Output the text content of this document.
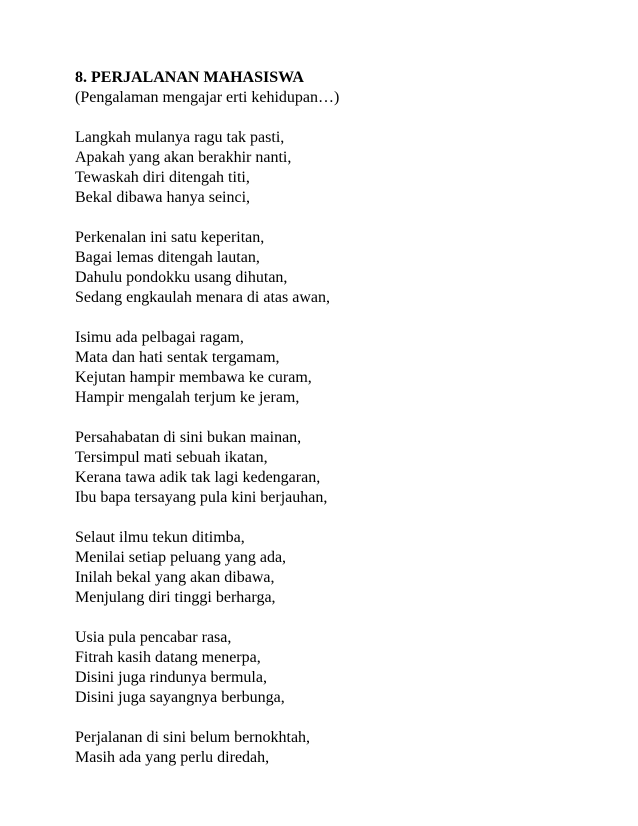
8. PERJALANAN MAHASISWA
(Pengalaman mengajar erti kehidupan…)
Langkah mulanya ragu tak pasti,
Apakah yang akan berakhir nanti,
Tewaskah diri ditengah titi,
Bekal dibawa hanya seinci,
Perkenalan ini satu keperitan,
Bagai lemas ditengah lautan,
Dahulu pondokku usang dihutan,
Sedang engkaulah menara di atas awan,
Isimu ada pelbagai ragam,
Mata dan hati sentak tergamam,
Kejutan hampir membawa ke curam,
Hampir mengalah terjum ke jeram,
Persahabatan di sini bukan mainan,
Tersimpul mati sebuah ikatan,
Kerana tawa adik tak lagi kedengaran,
Ibu bapa tersayang pula kini berjauhan,
Selaut ilmu tekun ditimba,
Menilai setiap peluang yang ada,
Inilah bekal yang akan dibawa,
Menjulang diri tinggi berharga,
Usia pula pencabar rasa,
Fitrah kasih datang menerpa,
Disini juga rindunya bermula,
Disini juga sayangnya berbunga,
Perjalanan di sini belum bernokhtah,
Masih ada yang perlu diredah,
